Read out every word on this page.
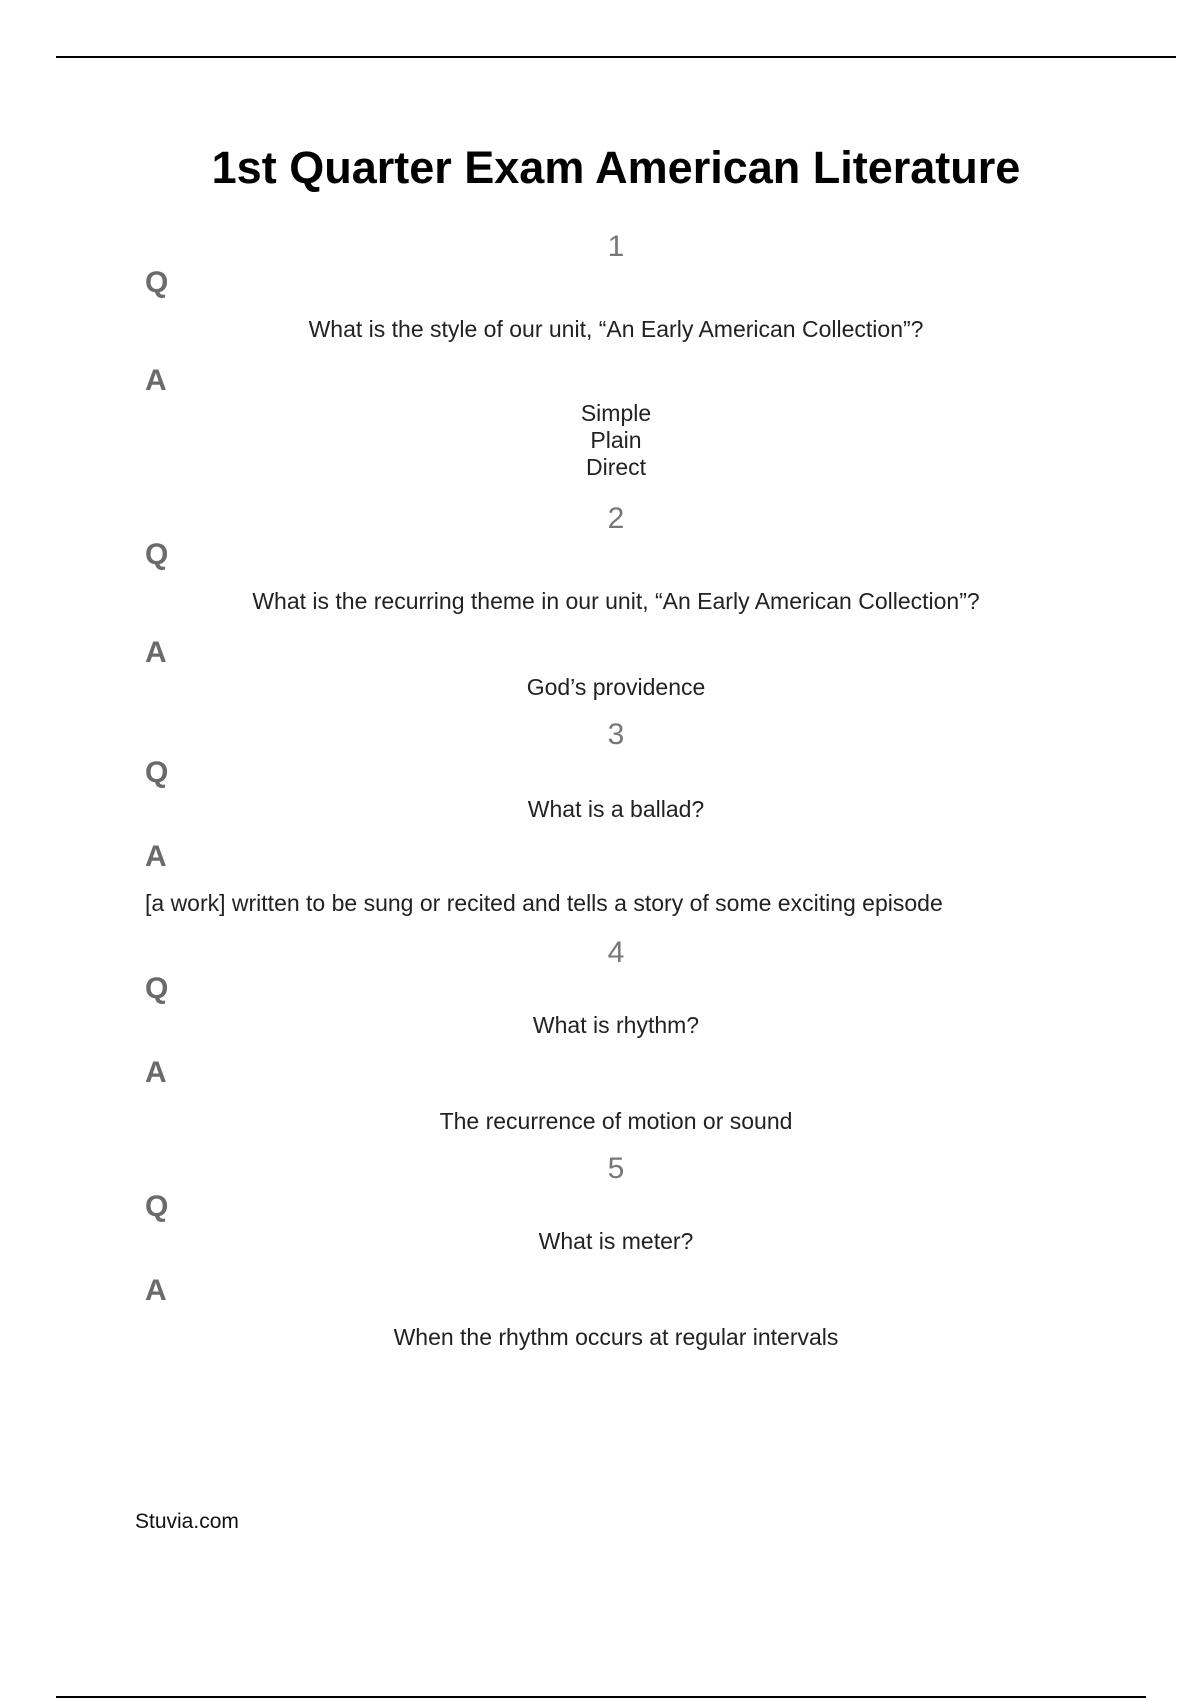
1st Quarter Exam American Literature
1
Q
What is the style of our unit, “An Early American Collection”?
A
Simple
Plain
Direct
2
Q
What is the recurring theme in our unit, “An Early American Collection”?
A
God’s providence
3
Q
What is a ballad?
A
[a work] written to be sung or recited and tells a story of some exciting episode
4
Q
What is rhythm?
A
The recurrence of motion or sound
5
Q
What is meter?
A
When the rhythm occurs at regular intervals
Stuvia.com
